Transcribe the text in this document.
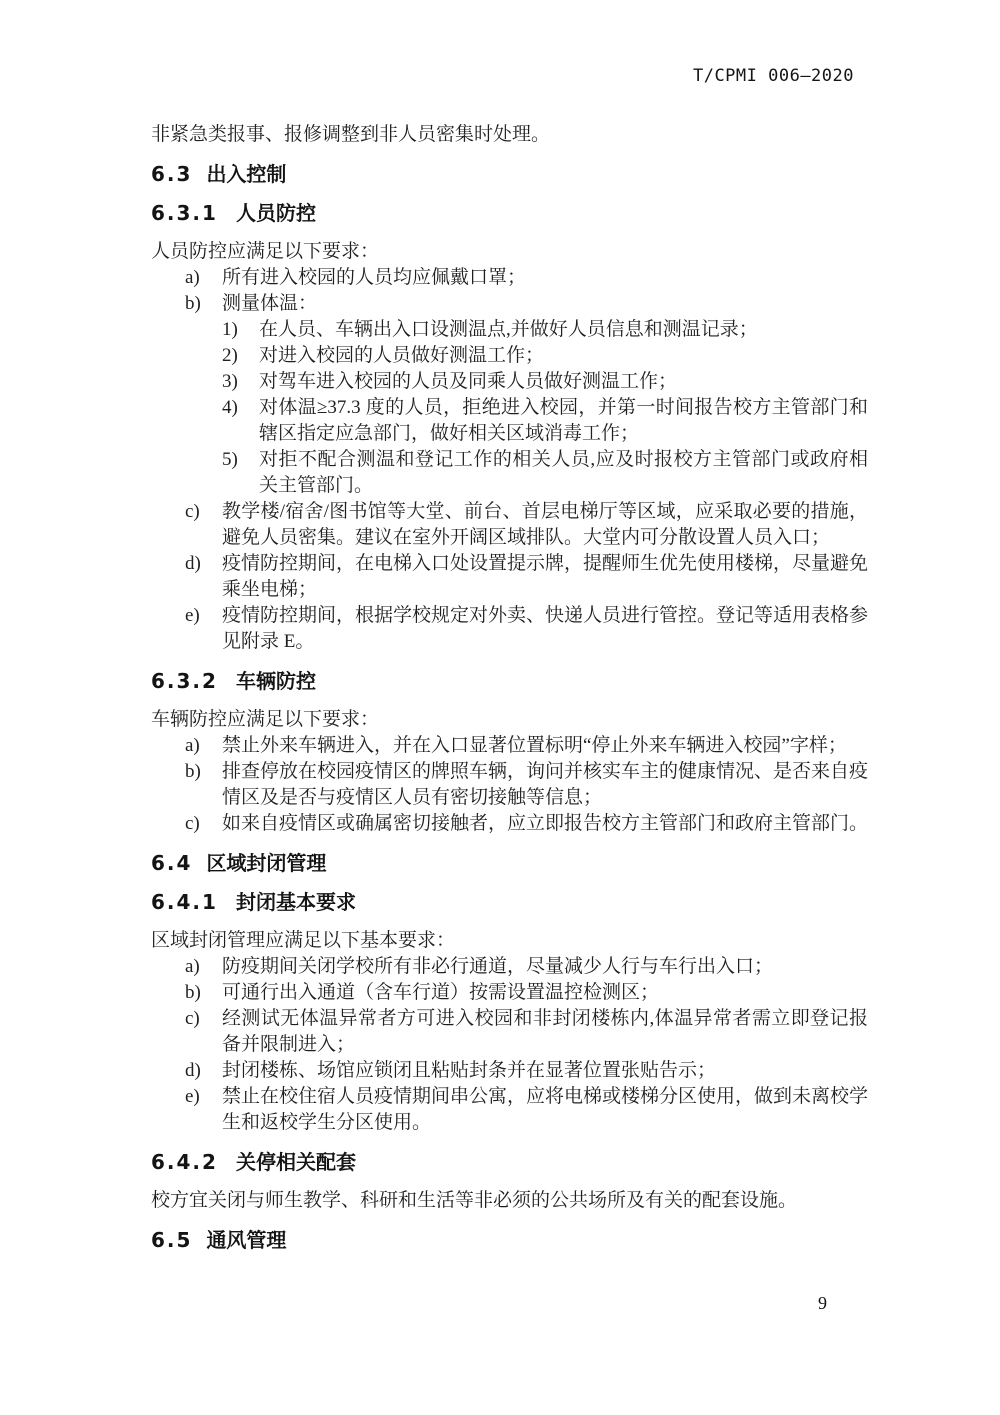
T/CPMI 006—2020

非紧急类报事、报修调整到非人员密集时处理。

6.3 出入控制
6.3.1 人员防控

人员防控应满足以下要求：

a)	所有进入校园的人员均应佩戴口罩；
b)	测量体温：
1)	在人员、车辆出入口设测温点,并做好人员信息和测温记录；
2)	对进入校园的人员做好测温工作；
3)	对驾车进入校园的人员及同乘人员做好测温工作；
4)	对体温≥37.3 度的人员，拒绝进入校园，并第一时间报告校方主管部门和辖区指定应急部门，做好相关区域消毒工作；
5)	对拒不配合测温和登记工作的相关人员,应及时报校方主管部门或政府相关主管部门。
c)	教学楼/宿舍/图书馆等大堂、前台、首层电梯厅等区域，应采取必要的措施，避免人员密集。建议在室外开阔区域排队。大堂内可分散设置人员入口；
d)	疫情防控期间，在电梯入口处设置提示牌，提醒师生优先使用楼梯，尽量避免乘坐电梯；
e)	疫情防控期间，根据学校规定对外卖、快递人员进行管控。登记等适用表格参见附录 E。
6.3.2 车辆防控

车辆防控应满足以下要求：

a)	禁止外来车辆进入，并在入口显著位置标明“停止外来车辆进入校园”字样；
b)	排查停放在校园疫情区的牌照车辆，询问并核实车主的健康情况、是否来自疫情区及是否与疫情区人员有密切接触等信息；
c)	如来自疫情区或确属密切接触者，应立即报告校方主管部门和政府主管部门。
6.4 区域封闭管理
6.4.1 封闭基本要求

区域封闭管理应满足以下基本要求：

a)	防疫期间关闭学校所有非必行通道，尽量减少人行与车行出入口；
b)	可通行出入通道（含车行道）按需设置温控检测区；
c)	经测试无体温异常者方可进入校园和非封闭楼栋内,体温异常者需立即登记报备并限制进入；
d)	封闭楼栋、场馆应锁闭且粘贴封条并在显著位置张贴告示；
e)	禁止在校住宿人员疫情期间串公寓，应将电梯或楼梯分区使用，做到未离校学生和返校学生分区使用。
6.4.2 关停相关配套

校方宜关闭与师生教学、科研和生活等非必须的公共场所及有关的配套设施。

6.5 通风管理
9
